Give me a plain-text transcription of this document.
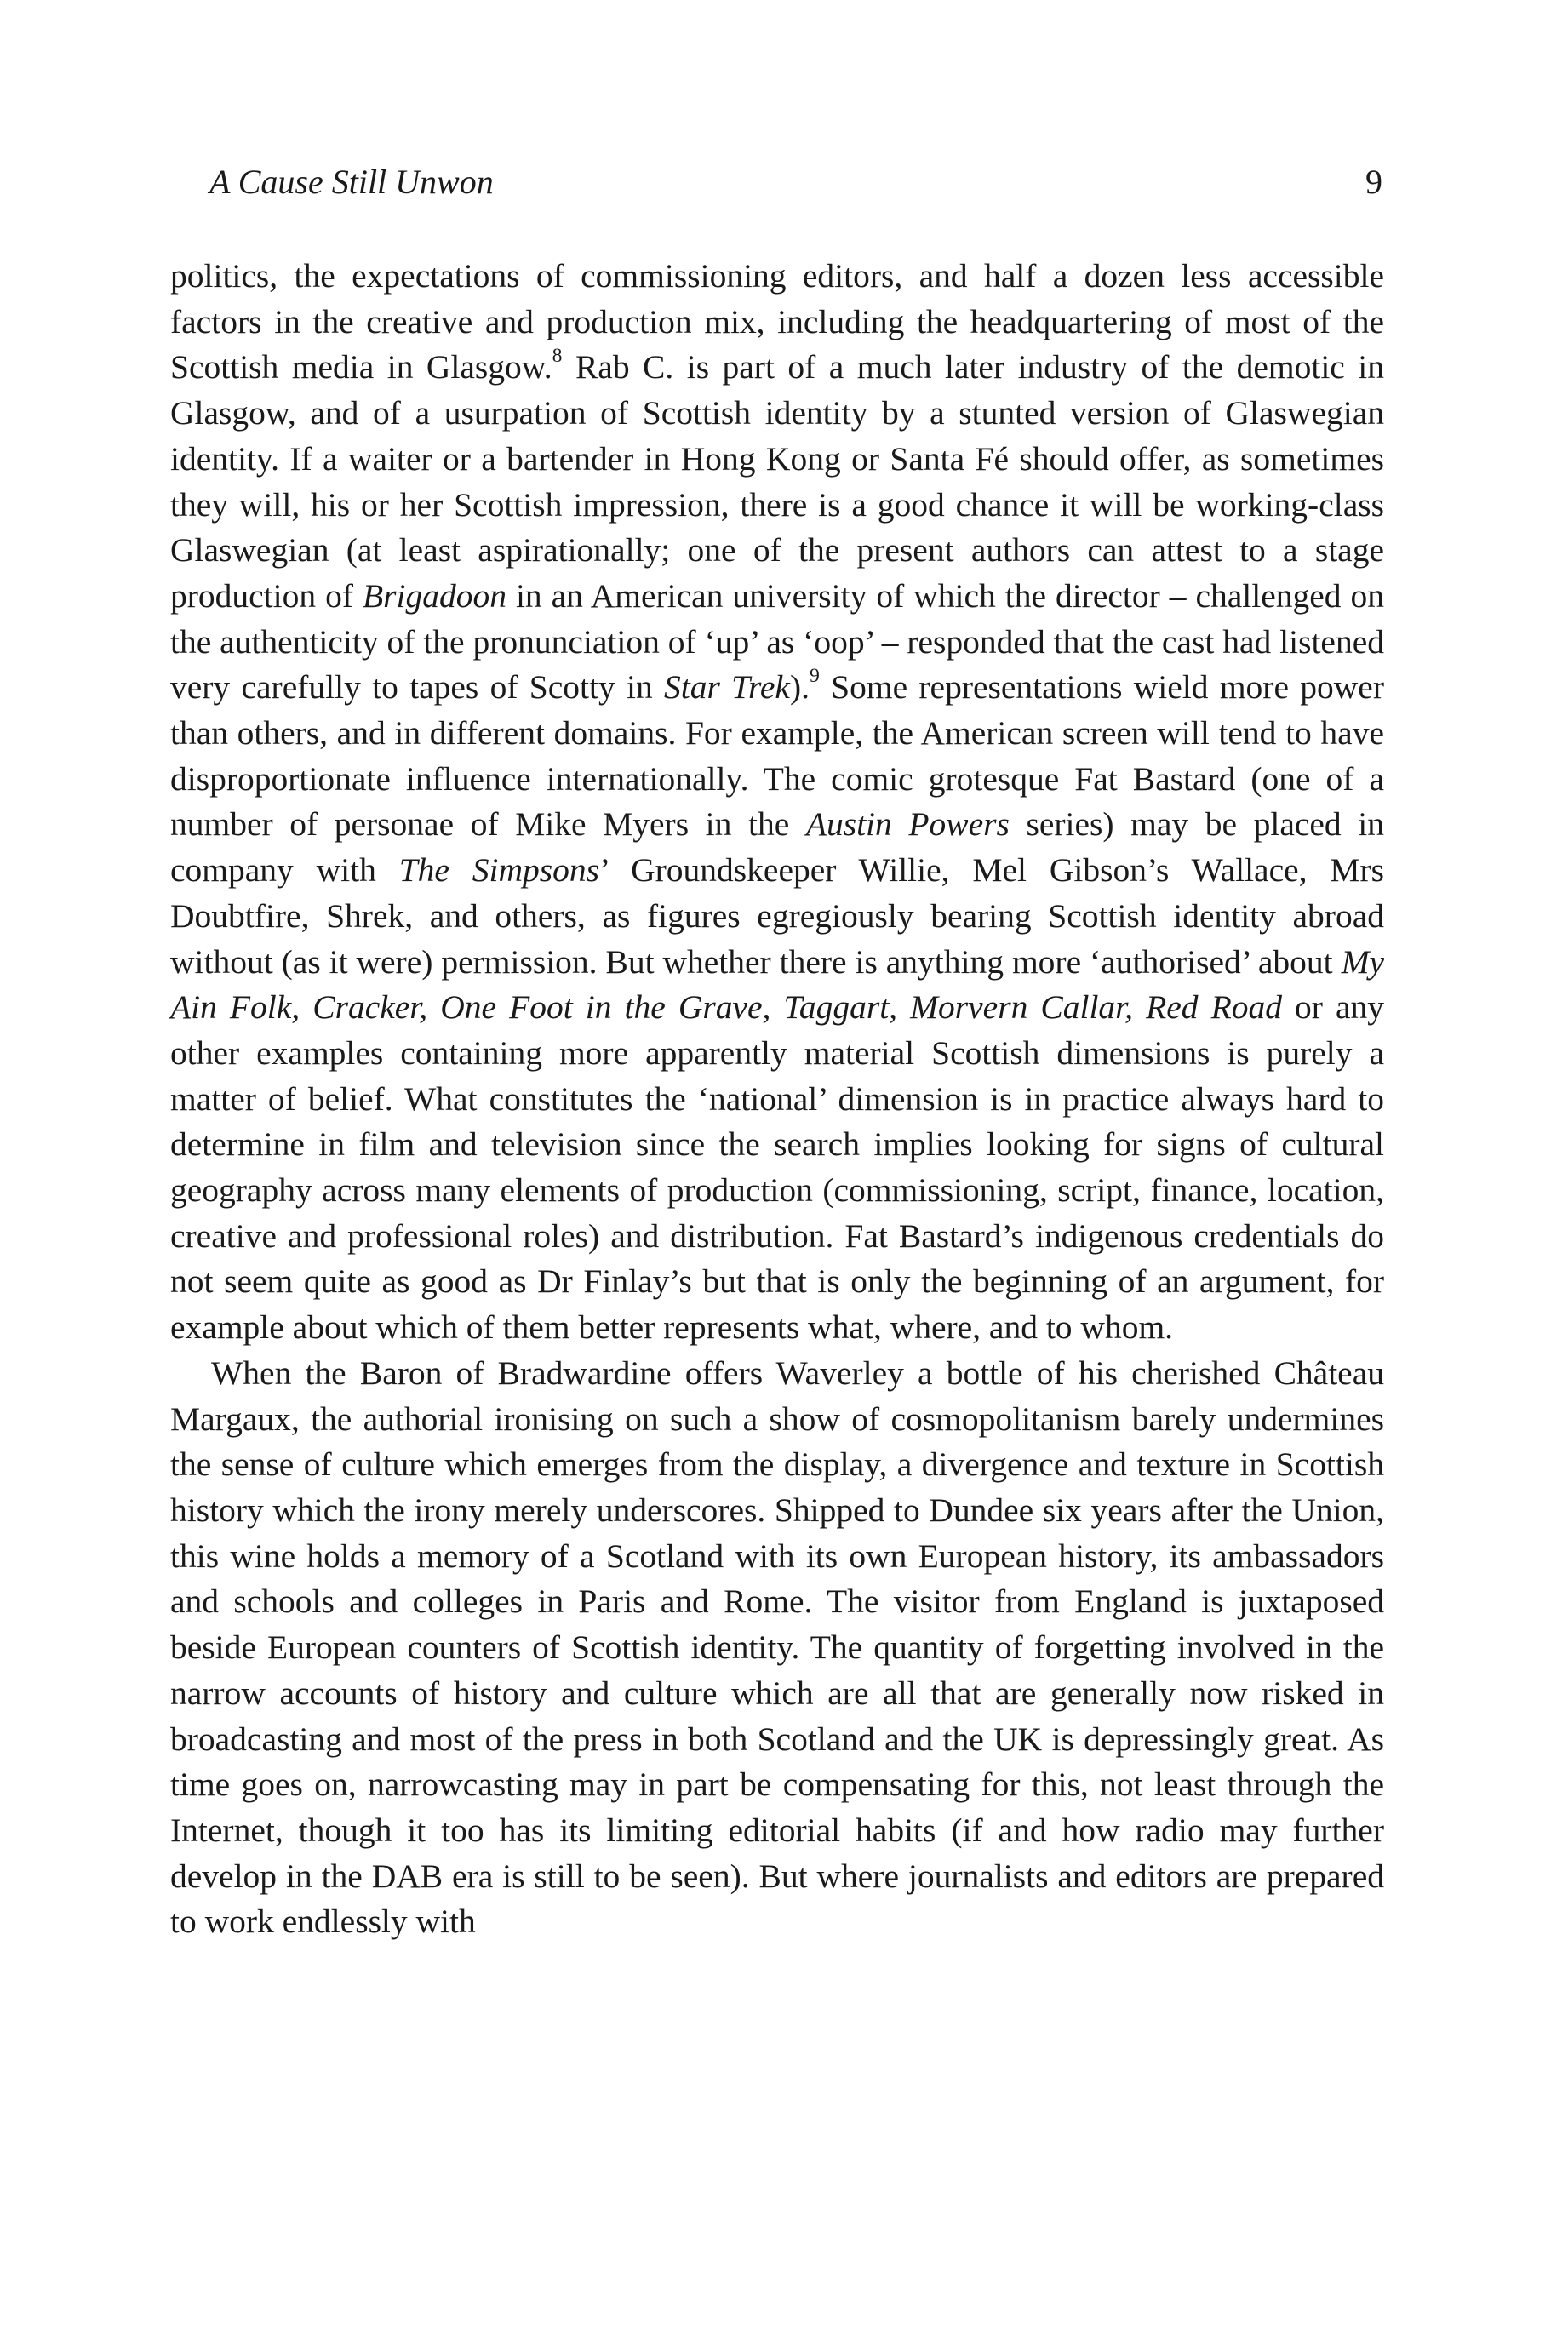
A Cause Still Unwon	9

politics, the expectations of commissioning editors, and half a dozen less accessible factors in the creative and production mix, including the headquartering of most of the Scottish media in Glasgow.$^8$ Rab C. is part of a much later industry of the demotic in Glasgow, and of a usurpation of Scottish identity by a stunted version of Glaswegian identity. If a waiter or a bartender in Hong Kong or Santa Fé should offer, as sometimes they will, his or her Scottish impression, there is a good chance it will be working-class Glaswegian (at least aspirationally; one of the present authors can attest to a stage production of Brigadoon in an American university of which the director – challenged on the authenticity of the pronunciation of ‘up’ as ‘oop’ – responded that the cast had listened very carefully to tapes of Scotty in Star Trek).$^9$ Some representations wield more power than others, and in different domains. For example, the American screen will tend to have disproportionate influence internationally. The comic grotesque Fat Bastard (one of a number of personae of Mike Myers in the Austin Powers series) may be placed in company with The Simpsons’ Groundskeeper Willie, Mel Gibson’s Wallace, Mrs Doubtfire, Shrek, and others, as figures egregiously bearing Scottish identity abroad without (as it were) permission. But whether there is anything more ‘authorised’ about My Ain Folk, Cracker, One Foot in the Grave, Taggart, Morvern Callar, Red Road or any other examples containing more apparently material Scottish dimensions is purely a matter of belief. What constitutes the ‘national’ dimension is in practice always hard to determine in film and television since the search implies looking for signs of cultural geography across many elements of production (commissioning, script, finance, location, creative and professional roles) and distribution. Fat Bastard’s indigenous credentials do not seem quite as good as Dr Finlay’s but that is only the beginning of an argument, for example about which of them better represents what, where, and to whom.

When the Baron of Bradwardine offers Waverley a bottle of his cherished Château Margaux, the authorial ironising on such a show of cosmopolitanism barely undermines the sense of culture which emerges from the display, a divergence and texture in Scottish history which the irony merely underscores. Shipped to Dundee six years after the Union, this wine holds a memory of a Scotland with its own European history, its ambassadors and schools and colleges in Paris and Rome. The visitor from England is juxtaposed beside European counters of Scottish identity. The quantity of forgetting involved in the narrow accounts of history and culture which are all that are generally now risked in broadcasting and most of the press in both Scotland and the UK is depressingly great. As time goes on, narrowcasting may in part be compensating for this, not least through the Internet, though it too has its limiting editorial habits (if and how radio may further develop in the DAB era is still to be seen). But where journalists and editors are prepared to work endlessly with
